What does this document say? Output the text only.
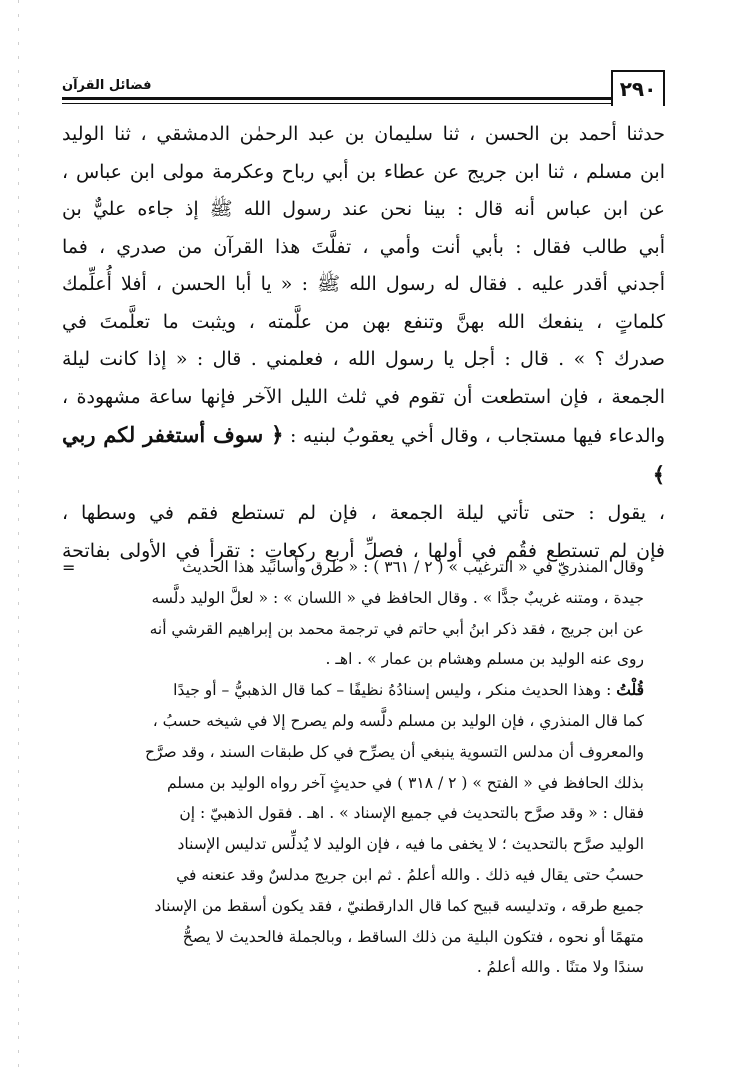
فضائل القرآن	٢٩٠

حدثنا أحمد بن الحسن ، ثنا سليمان بن عبد الرحمٰن الدمشقي ، ثنا الوليد

ابن مسلم ، ثنا ابن جريج عن عطاء بن أبي رباح وعكرمة مولى ابن عباس ،

عن ابن عباس أنه قال : بينا نحن عند رسول الله ﷺ إذ جاءه عليٌّ بن

أبي طالب فقال : بأبي أنت وأمي ، تفلَّتَ هذا القرآن من صدري ، فما

أجدني أقدر عليه . فقال له رسول الله ﷺ : « يا أبا الحسن ، أفلا أُعلِّمك

كلماتٍ ، ينفعك الله بهنَّ وتنفع بهن من علَّمته ، ويثبت ما تعلَّمتَ في

صدرك ؟ » . قال : أجل يا رسول الله ، فعلمني . قال : « إذا كانت ليلة

الجمعة ، فإن استطعت أن تقوم في ثلث الليل الآخر فإنها ساعة مشهودة ،

والدعاء فيها مستجاب ، وقال أخي يعقوبُ لبنيه : ﴿ سوف أستغفر لكم ربي ﴾

، يقول : حتى تأتي ليلة الجمعة ، فإن لم تستطع فقم في وسطها ،

فإن لم تستطع فقُم في أولها ، فصلِّ أربع ركعاتٍ : تقرأ في الأولى بفاتحة

=	وقال المنذريّ في « الترغيب » ( ٢ / ٣٦١ ) : « طرق وأسانيد هذا الحديث

جيدة ، ومتنه غريبٌ جدًّا » . وقال الحافظ في « اللسان » : « لعلَّ الوليد دلَّسه

عن ابن جريج ، فقد ذكر ابنُ أبي حاتم في ترجمة محمد بن إبراهيم القرشي أنه

روى عنه الوليد بن مسلم وهشام بن عمار » . اهـ .

قُلْتُ : وهذا الحديث منكر ، وليس إسنادُهُ نظيفًا – كما قال الذهبيُّ – أو جيدًا

كما قال المنذري ، فإن الوليد بن مسلم دلَّسه ولم يصرح إلا في شيخه حسبُ ،

والمعروف أن مدلس التسوية ينبغي أن يصرِّح في كل طبقات السند ، وقد صرَّح

بذلك الحافظ في « الفتح » ( ٢ / ٣١٨ ) في حديثٍ آخر رواه الوليد بن مسلم

فقال : « وقد صرَّح بالتحديث في جميع الإسناد » . اهـ . فقول الذهبيّ : إن

الوليد صرَّح بالتحديث ؛ لا يخفى ما فيه ، فإن الوليد لا يُدلِّس تدليس الإسناد

حسبُ حتى يقال فيه ذلك . والله أعلمُ . ثم ابن جريج مدلسٌ وقد عنعنه في

جميع طرقه ، وتدليسه قبيح كما قال الدارقطنيّ ، فقد يكون أسقط من الإسناد

متهمًا أو نحوه ، فتكون البلية من ذلك الساقط ، وبالجملة فالحديث لا يصحُّ

سندًا ولا متنًا . والله أعلمُ .
